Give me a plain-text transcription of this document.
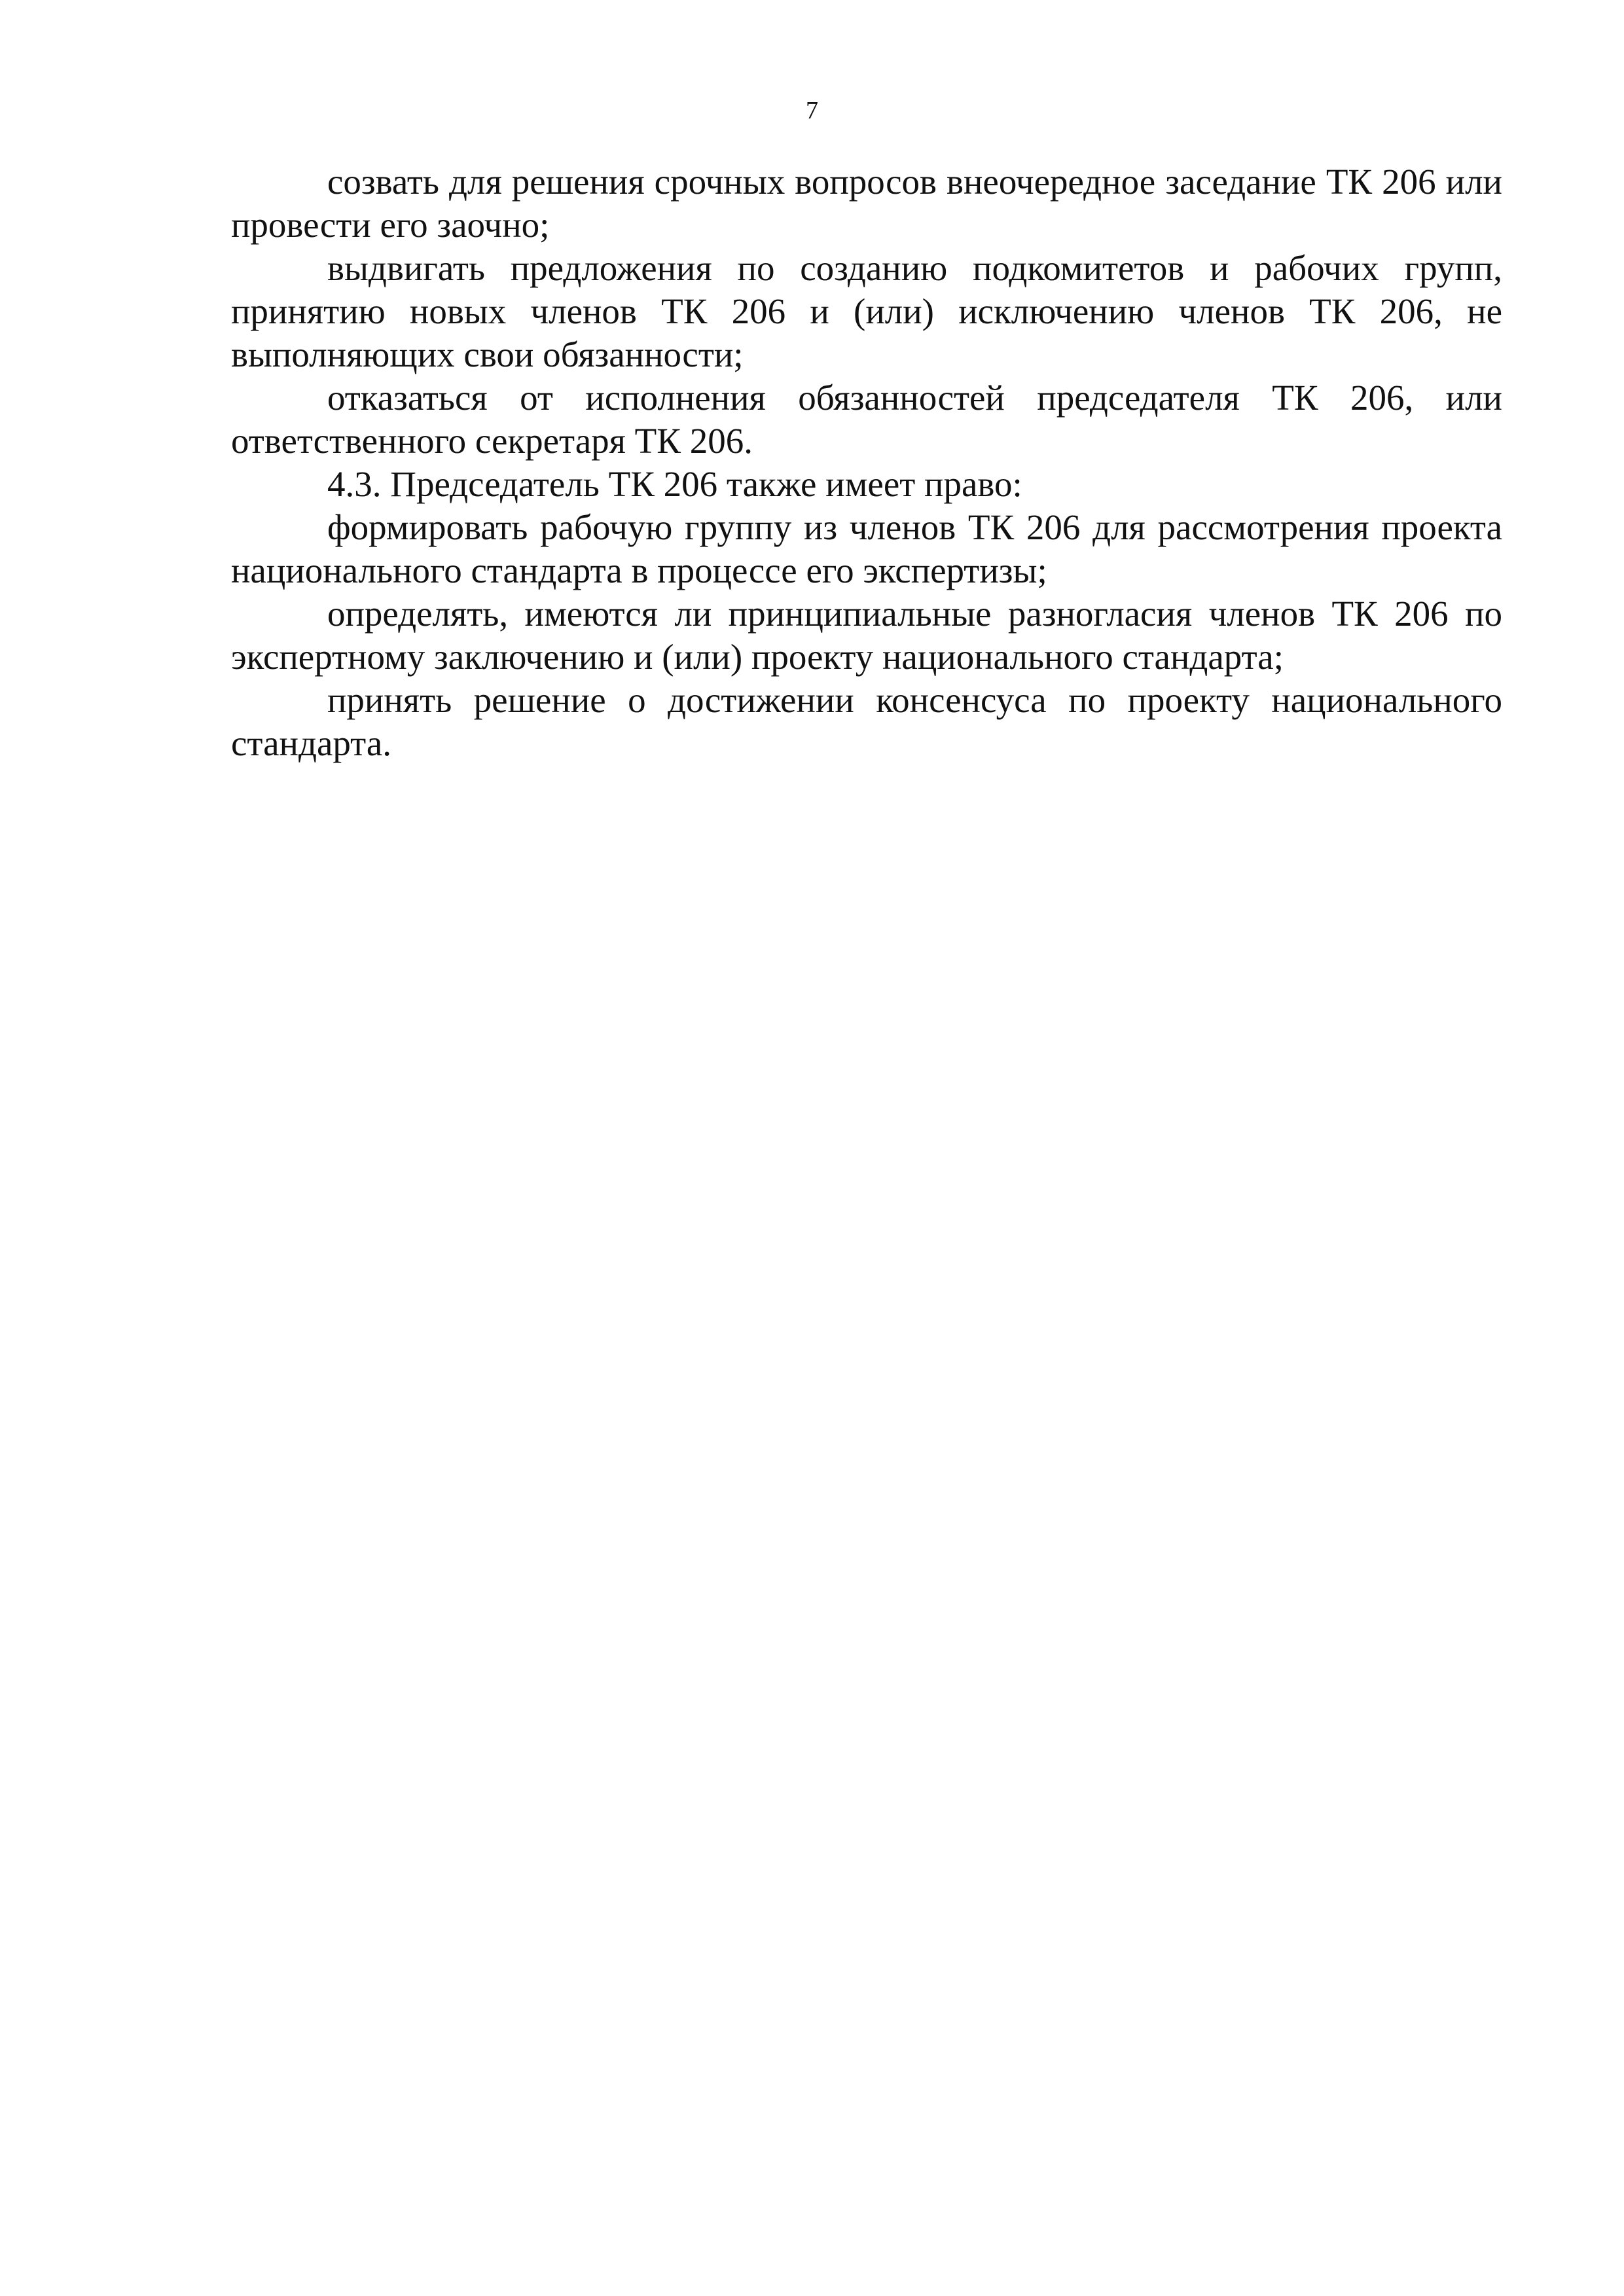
7

созвать для решения срочных вопросов внеочередное заседание ТК 206 или провести его заочно;

выдвигать предложения по созданию подкомитетов и рабочих групп, принятию новых членов ТК 206 и (или) исключению членов ТК 206, не выполняющих свои обязанности;

отказаться от исполнения обязанностей председателя ТК 206, или ответственного секретаря ТК 206.

4.3. Председатель ТК 206 также имеет право:

формировать рабочую группу из членов ТК 206 для рассмотрения проекта национального стандарта в процессе его экспертизы;

определять, имеются ли принципиальные разногласия членов ТК 206 по экспертному заключению и (или) проекту национального стандарта;

принять решение о достижении консенсуса по проекту национального стандарта.
